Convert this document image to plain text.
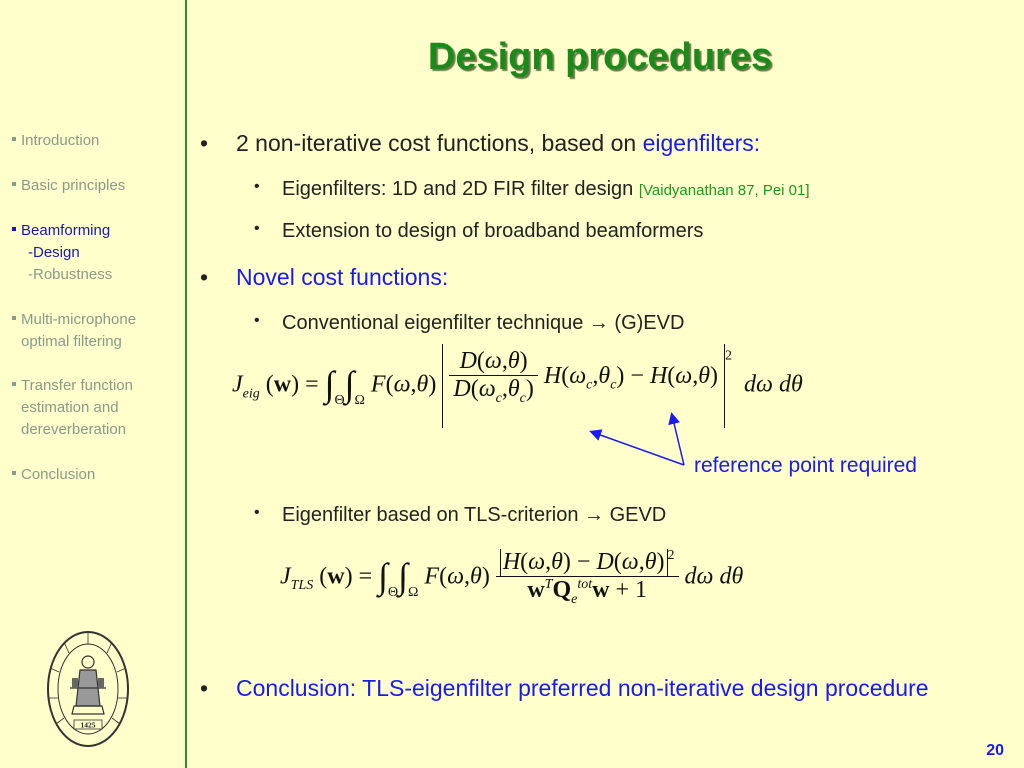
Introduction
Basic principles
Beamforming
-Design
-Robustness
Multi-microphone
optimal filtering
Transfer function
estimation and
dereverberation
Conclusion
1425
Design procedures
• 2 non-iterative cost functions, based on eigenfilters:
• Eigenfilters: 1D and 2D FIR filter design [Vaidyanathan 87, Pei 01]
• Extension to design of broadband beamformers
• Novel cost functions:
• Conventional eigenfilter technique → (G)EVD
$J_{eig}$ $(w) = \int_\Theta\int_\Omega$ $F(\omega,\theta) \frac{D(\omega,\theta)}{D(\omega_c,\theta_c)} H(\omega_c,\theta_c) - H(\omega,\theta)^2$  dω dθ
reference point required
• Eigenfilter based on TLS-criterion → GEVD
$J_{TLS}$ $(w) = \int_\Theta\int_\Omega$ $F(\omega,\theta) \frac{H(\omega,\theta) - D(\omega,\theta) ^2}{w^TQ_e^{tot}w + 1}$ dω dθ
• Conclusion: TLS-eigenfilter preferred non-iterative design procedure
20
